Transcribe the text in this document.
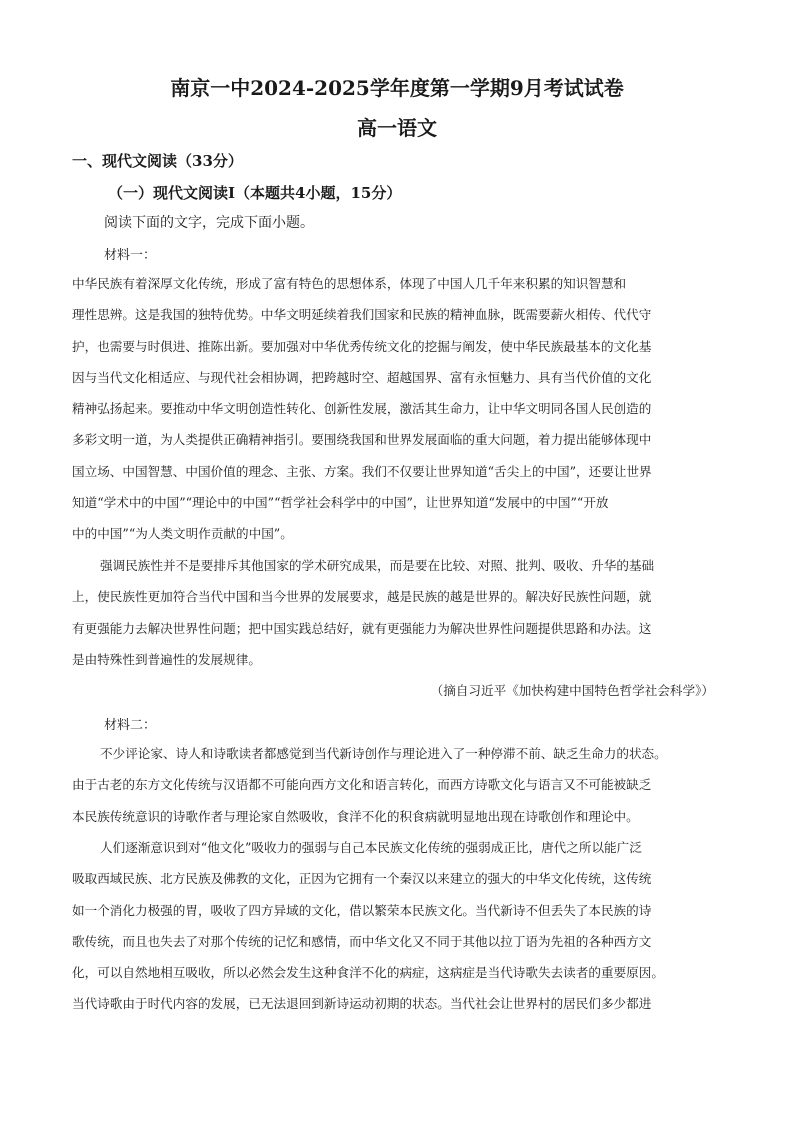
南京一中2024-2025学年度第一学期9月考试试卷
高一语文
一、现代文阅读（33分）
（一）现代文阅读Ⅰ（本题共4小题，15分）
阅读下面的文字，完成下面小题。
材料一：
中华民族有着深厚文化传统，形成了富有特色的思想体系，体现了中国人几千年来积累的知识智慧和
理性思辨。这是我国的独特优势。中华文明延续着我们国家和民族的精神血脉，既需要薪火相传、代代守
护，也需要与时俱进、推陈出新。要加强对中华优秀传统文化的挖掘与阐发，使中华民族最基本的文化基
因与当代文化相适应、与现代社会相协调，把跨越时空、超越国界、富有永恒魅力、具有当代价值的文化
精神弘扬起来。要推动中华文明创造性转化、创新性发展，激活其生命力，让中华文明同各国人民创造的
多彩文明一道，为人类提供正确精神指引。要围绕我国和世界发展面临的重大问题，着力提出能够体现中
国立场、中国智慧、中国价值的理念、主张、方案。我们不仅要让世界知道“舌尖上的中国”，还要让世界
知道“学术中的中国”“理论中的中国”“哲学社会科学中的中国”，让世界知道“发展中的中国”“开放
中的中国”“为人类文明作贡献的中国”。
强调民族性并不是要排斥其他国家的学术研究成果，而是要在比较、对照、批判、吸收、升华的基础
上，使民族性更加符合当代中国和当今世界的发展要求，越是民族的越是世界的。解决好民族性问题，就
有更强能力去解决世界性问题；把中国实践总结好，就有更强能力为解决世界性问题提供思路和办法。这
是由特殊性到普遍性的发展规律。
（摘自习近平《加快构建中国特色哲学社会科学》）
材料二：
不少评论家、诗人和诗歌读者都感觉到当代新诗创作与理论进入了一种停滞不前、缺乏生命力的状态。
由于古老的东方文化传统与汉语都不可能向西方文化和语言转化，而西方诗歌文化与语言又不可能被缺乏
本民族传统意识的诗歌作者与理论家自然吸收，食洋不化的积食病就明显地出现在诗歌创作和理论中。
人们逐渐意识到对“他文化”吸收力的强弱与自己本民族文化传统的强弱成正比，唐代之所以能广泛
吸取西域民族、北方民族及佛教的文化，正因为它拥有一个秦汉以来建立的强大的中华文化传统，这传统
如一个消化力极强的胃，吸收了四方异域的文化，借以繁荣本民族文化。当代新诗不但丢失了本民族的诗
歌传统，而且也失去了对那个传统的记忆和感情，而中华文化又不同于其他以拉丁语为先祖的各种西方文
化，可以自然地相互吸收，所以必然会发生这种食洋不化的病症，这病症是当代诗歌失去读者的重要原因。
当代诗歌由于时代内容的发展，已无法退回到新诗运动初期的状态。当代社会让世界村的居民们多少都进
